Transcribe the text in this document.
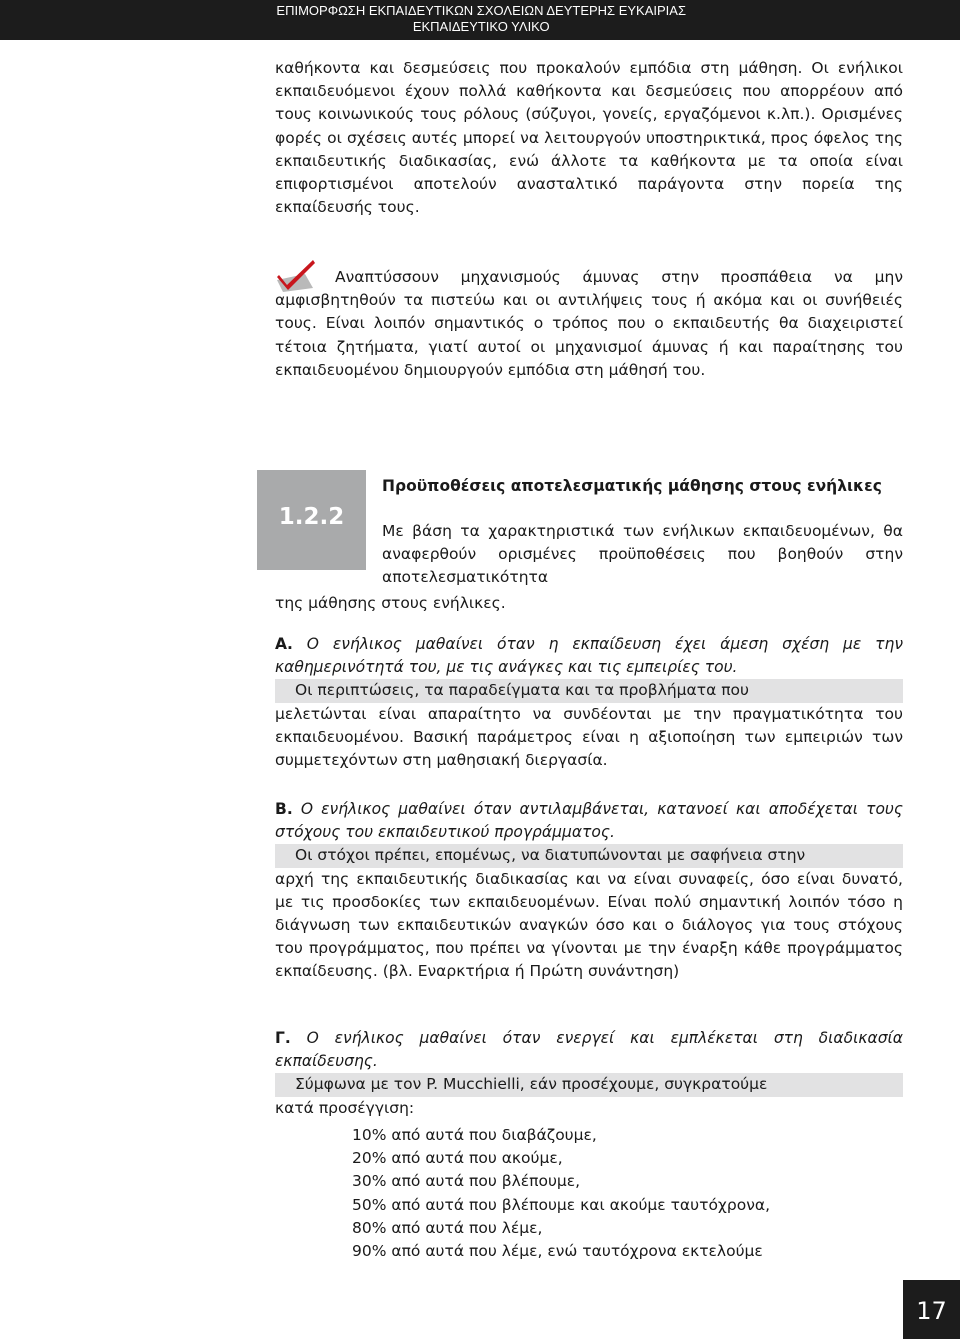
ΕΠΙΜΟΡΦΩΣΗ ΕΚΠΑΙΔΕΥΤΙΚΩΝ ΣΧΟΛΕΙΩΝ ΔΕΥΤΕΡΗΣ ΕΥΚΑΙΡΙΑΣ
ΕΚΠΑΙΔΕΥΤΙΚΟ ΥΛΙΚΟ

καθήκοντα και δεσμεύσεις που προκαλούν εμπόδια στη μάθηση. Οι ενήλικοι εκπαιδευόμενοι έχουν πολλά καθήκοντα και δεσμεύσεις που απορρέουν από τους κοινωνικούς τους ρόλους (σύζυγοι, γονείς, εργαζόμενοι κ.λπ.). Ορισμένες φορές οι σχέσεις αυτές μπορεί να λειτουργούν υποστηρικτικά, προς όφελος της εκπαιδευτικής διαδικασίας, ενώ άλλοτε τα καθήκοντα με τα οποία είναι επιφορτισμένοι αποτελούν ανασταλτικό παράγοντα στην πορεία της εκπαίδευσής τους.

Αναπτύσσουν μηχανισμούς άμυνας στην προσπάθεια να μην αμφισβητηθούν τα πιστεύω και οι αντιλήψεις τους ή ακόμα και οι συνήθειές τους. Είναι λοιπόν σημαντικός ο τρόπος που ο εκπαιδευτής θα διαχειριστεί τέτοια ζητήματα, γιατί αυτοί οι μηχανισμοί άμυνας ή και παραίτησης του εκπαιδευομένου δημιουργούν εμπόδια στη μάθησή του.

1.2.2
Προϋποθέσεις αποτελεσματικής μάθησης στους ενήλικες

Με βάση τα χαρακτηριστικά των ενήλικων εκπαιδευομένων, θα αναφερθούν ορισμένες προϋποθέσεις που βοηθούν στην αποτελεσματικότητα

της μάθησης στους ενήλικες.

Α. Ο ενήλικος μαθαίνει όταν η εκπαίδευση έχει άμεση σχέση με την καθημερινότητά του, με τις ανάγκες και τις εμπειρίες του.

Οι περιπτώσεις, τα παραδείγματα και τα προβλήματα που

μελετώνται είναι απαραίτητο να συνδέονται με την πραγματικότητα του εκπαιδευομένου. Βασική παράμετρος είναι η αξιοποίηση των εμπειριών των συμμετεχόντων στη μαθησιακή διεργασία.

Β. Ο ενήλικος μαθαίνει όταν αντιλαμβάνεται, κατανοεί και αποδέχεται τους στόχους του εκπαιδευτικού προγράμματος.

Οι στόχοι πρέπει, επομένως, να διατυπώνονται με σαφήνεια στην

αρχή της εκπαιδευτικής διαδικασίας και να είναι συναφείς, όσο είναι δυνατό, με τις προσδοκίες των εκπαιδευομένων. Είναι πολύ σημαντική λοιπόν τόσο η διάγνωση των εκπαιδευτικών αναγκών όσο και ο διάλογος για τους στόχους του προγράμματος, που πρέπει να γίνονται με την έναρξη κάθε προγράμματος εκπαίδευσης. (βλ. Εναρκτήρια ή Πρώτη συνάντηση)

Γ. Ο ενήλικος μαθαίνει όταν ενεργεί και εμπλέκεται στη διαδικασία εκπαίδευσης.

Σύμφωνα με τον P. Mucchielli, εάν προσέχουμε, συγκρατούμε

κατά προσέγγιση:

10% από αυτά που διαβάζουμε,
20% από αυτά που ακούμε,
30% από αυτά που βλέπουμε,
50% από αυτά που βλέπουμε και ακούμε ταυτόχρονα,
80% από αυτά που λέμε,
90% από αυτά που λέμε, ενώ ταυτόχρονα εκτελούμε
17
